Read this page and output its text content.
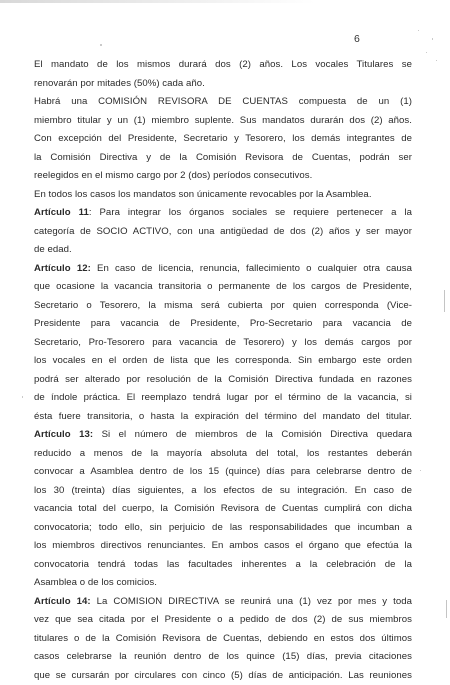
6
El mandato de los mismos durará dos (2) años. Los vocales Titulares se
renovarán por mitades (50%) cada año.
Habrá una COMISIÓN REVISORA DE CUENTAS compuesta de un (1)
miembro titular y un (1) miembro suplente. Sus mandatos durarán dos (2) años.
Con excepción del Presidente, Secretario y Tesorero, los demás integrantes de
la Comisión Directiva y de la Comisión Revisora de Cuentas, podrán ser
reelegidos en el mismo cargo por 2 (dos) períodos consecutivos.
En todos los casos los mandatos son únicamente revocables por la Asamblea.
Artículo 11: Para integrar los órganos sociales se requiere pertenecer a la
categoría de SOCIO ACTIVO, con una antigüedad de dos (2) años y ser mayor
de edad.
Artículo 12: En caso de licencia, renuncia, fallecimiento o cualquier otra causa
que ocasione la vacancia transitoria o permanente de los cargos de Presidente,
Secretario o Tesorero, la misma será cubierta por quien corresponda (Vice-
Presidente para vacancia de Presidente, Pro-Secretario para vacancia de
Secretario, Pro-Tesorero para vacancia de Tesorero) y los demás cargos por
los vocales en el orden de lista que les corresponda. Sin embargo este orden
podrá ser alterado por resolución de la Comisión Directiva fundada en razones
de índole práctica. El reemplazo tendrá lugar por el término de la vacancia, si
ésta fuere transitoria, o hasta la expiración del término del mandato del titular.
Artículo 13: Si el número de miembros de la Comisión Directiva quedara
reducido a menos de la mayoría absoluta del total, los restantes deberán
convocar a Asamblea dentro de los 15 (quince) días para celebrarse dentro de
los 30 (treinta) días siguientes, a los efectos de su integración. En caso de
vacancia total del cuerpo, la Comisión Revisora de Cuentas cumplirá con dicha
convocatoria; todo ello, sin perjuicio de las responsabilidades que incumban a
los miembros directivos renunciantes. En ambos casos el órgano que efectúa la
convocatoria tendrá todas las facultades inherentes a la celebración de la
Asamblea o de los comicios.
Artículo 14: La COMISION DIRECTIVA se reunirá una (1) vez por mes y toda
vez que sea citada por el Presidente o a pedido de dos (2) de sus miembros
titulares o de la Comisión Revisora de Cuentas, debiendo en estos dos últimos
casos celebrarse la reunión dentro de los quince (15) días, previa citaciones
que se cursarán por circulares con cinco (5) días de anticipación. Las reuniones
